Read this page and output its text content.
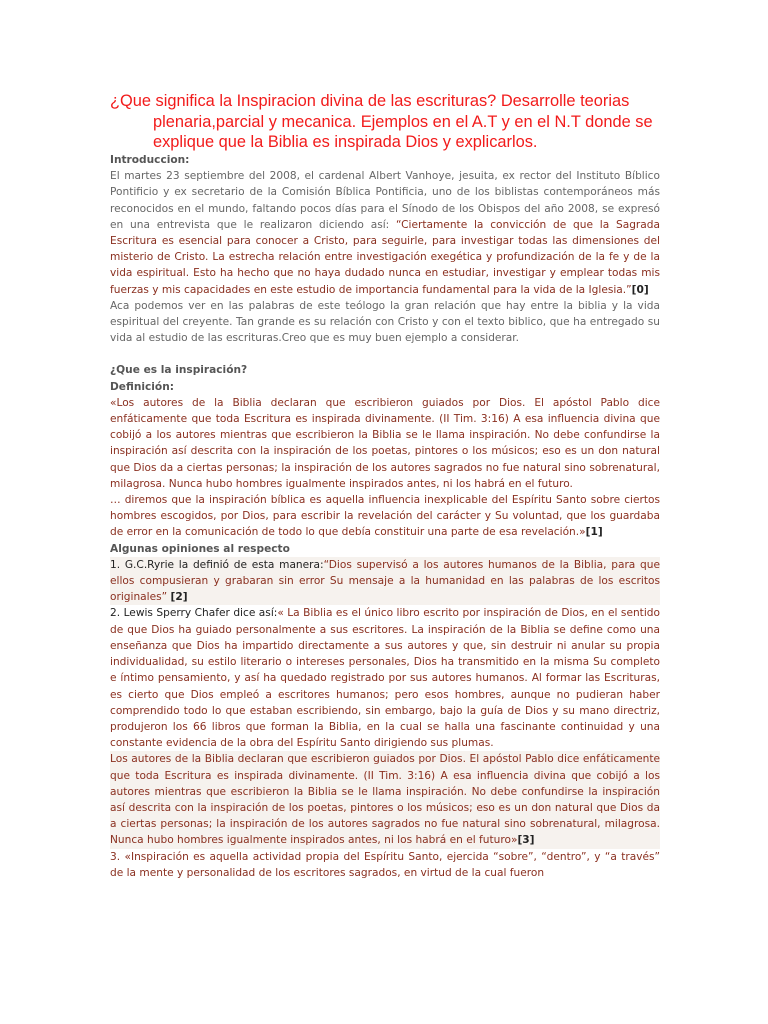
¿Que significa la Inspiracion divina de las escrituras? Desarrolle teorias plenaria,parcial y mecanica. Ejemplos en el A.T y en el N.T donde se explique que la Biblia es inspirada Dios y explicarlos.
Introduccion:

El martes 23 septiembre del 2008, el cardenal Albert Vanhoye, jesuita, ex rector del Instituto Bíblico Pontificio y ex secretario de la Comisión Bíblica Pontificia, uno de los biblistas contemporáneos más reconocidos en el mundo, faltando pocos días para el Sínodo de los Obispos del año 2008, se expresó en una entrevista que le realizaron diciendo así: “Ciertamente la convicción de que la Sagrada Escritura es esencial para conocer a Cristo, para seguirle, para investigar todas las dimensiones del misterio de Cristo. La estrecha relación entre investigación exegética y profundización de la fe y de la vida espiritual. Esto ha hecho que no haya dudado nunca en estudiar, investigar y emplear todas mis fuerzas y mis capacidades en este estudio de importancia fundamental para la vida de la Iglesia.”[0]

Aca podemos ver en las palabras de este teólogo la gran relación que hay entre la biblia y la vida espiritual del creyente. Tan grande es su relación con Cristo y con el texto biblico, que ha entregado su vida al estudio de las escrituras.Creo que es muy buen ejemplo a considerar.

¿Que es la inspiración?
Definición:

«Los autores de la Biblia declaran que escribieron guiados por Dios. El apóstol Pablo dice enfáticamente que toda Escritura es inspirada divinamente. (II Tim. 3:16) A esa influencia divina que cobijó a los autores mientras que escribieron la Biblia se le llama inspiración. No debe confundirse la inspiración así descrita con la inspiración de los poetas, pintores o los músicos; eso es un don natural que Dios da a ciertas personas; la inspiración de los autores sagrados no fue natural sino sobrenatural, milagrosa. Nunca hubo hombres igualmente inspirados antes, ni los habrá en el futuro.

… diremos que la inspiración bíblica es aquella influencia inexplicable del Espíritu Santo sobre ciertos hombres escogidos, por Dios, para escribir la revelación del carácter y Su voluntad, que los guardaba de error en la comunicación de todo lo que debía constituir una parte de esa revelación.»[1]

Algunas opiniones al respecto

1. G.C.Ryrie la definió de esta manera:“Dios supervisó a los autores humanos de la Biblia, para que ellos compusieran y grabaran sin error Su mensaje a la humanidad en las palabras de los escritos originales” [2]

2. Lewis Sperry Chafer dice así:« La Biblia es el único libro escrito por inspiración de Dios, en el sentido de que Dios ha guiado personalmente a sus escritores. La inspiración de la Biblia se define como una enseñanza que Dios ha impartido directamente a sus autores y que, sin destruir ni anular su propia individualidad, su estilo literario o intereses personales, Dios ha transmitido en la misma Su completo e íntimo pensamiento, y así ha quedado registrado por sus autores humanos. Al formar las Escrituras, es cierto que Dios empleó a escritores humanos; pero esos hombres, aunque no pudieran haber comprendido todo lo que estaban escribiendo, sin embargo, bajo la guía de Dios y su mano directriz, produjeron los 66 libros que forman la Biblia, en la cual se halla una fascinante continuidad y una constante evidencia de la obra del Espíritu Santo dirigiendo sus plumas.

Los autores de la Biblia declaran que escribieron guiados por Dios. El apóstol Pablo dice enfáticamente que toda Escritura es inspirada divinamente. (II Tim. 3:16) A esa influencia divina que cobijó a los autores mientras que escribieron la Biblia se le llama inspiración. No debe confundirse la inspiración así descrita con la inspiración de los poetas, pintores o los músicos; eso es un don natural que Dios da a ciertas personas; la inspiración de los autores sagrados no fue natural sino sobrenatural, milagrosa. Nunca hubo hombres igualmente inspirados antes, ni los habrá en el futuro»[3]

3. «Inspiración es aquella actividad propia del Espíritu Santo, ejercida “sobre”, “dentro”, y “a través” de la mente y personalidad de los escritores sagrados, en virtud de la cual fueron
